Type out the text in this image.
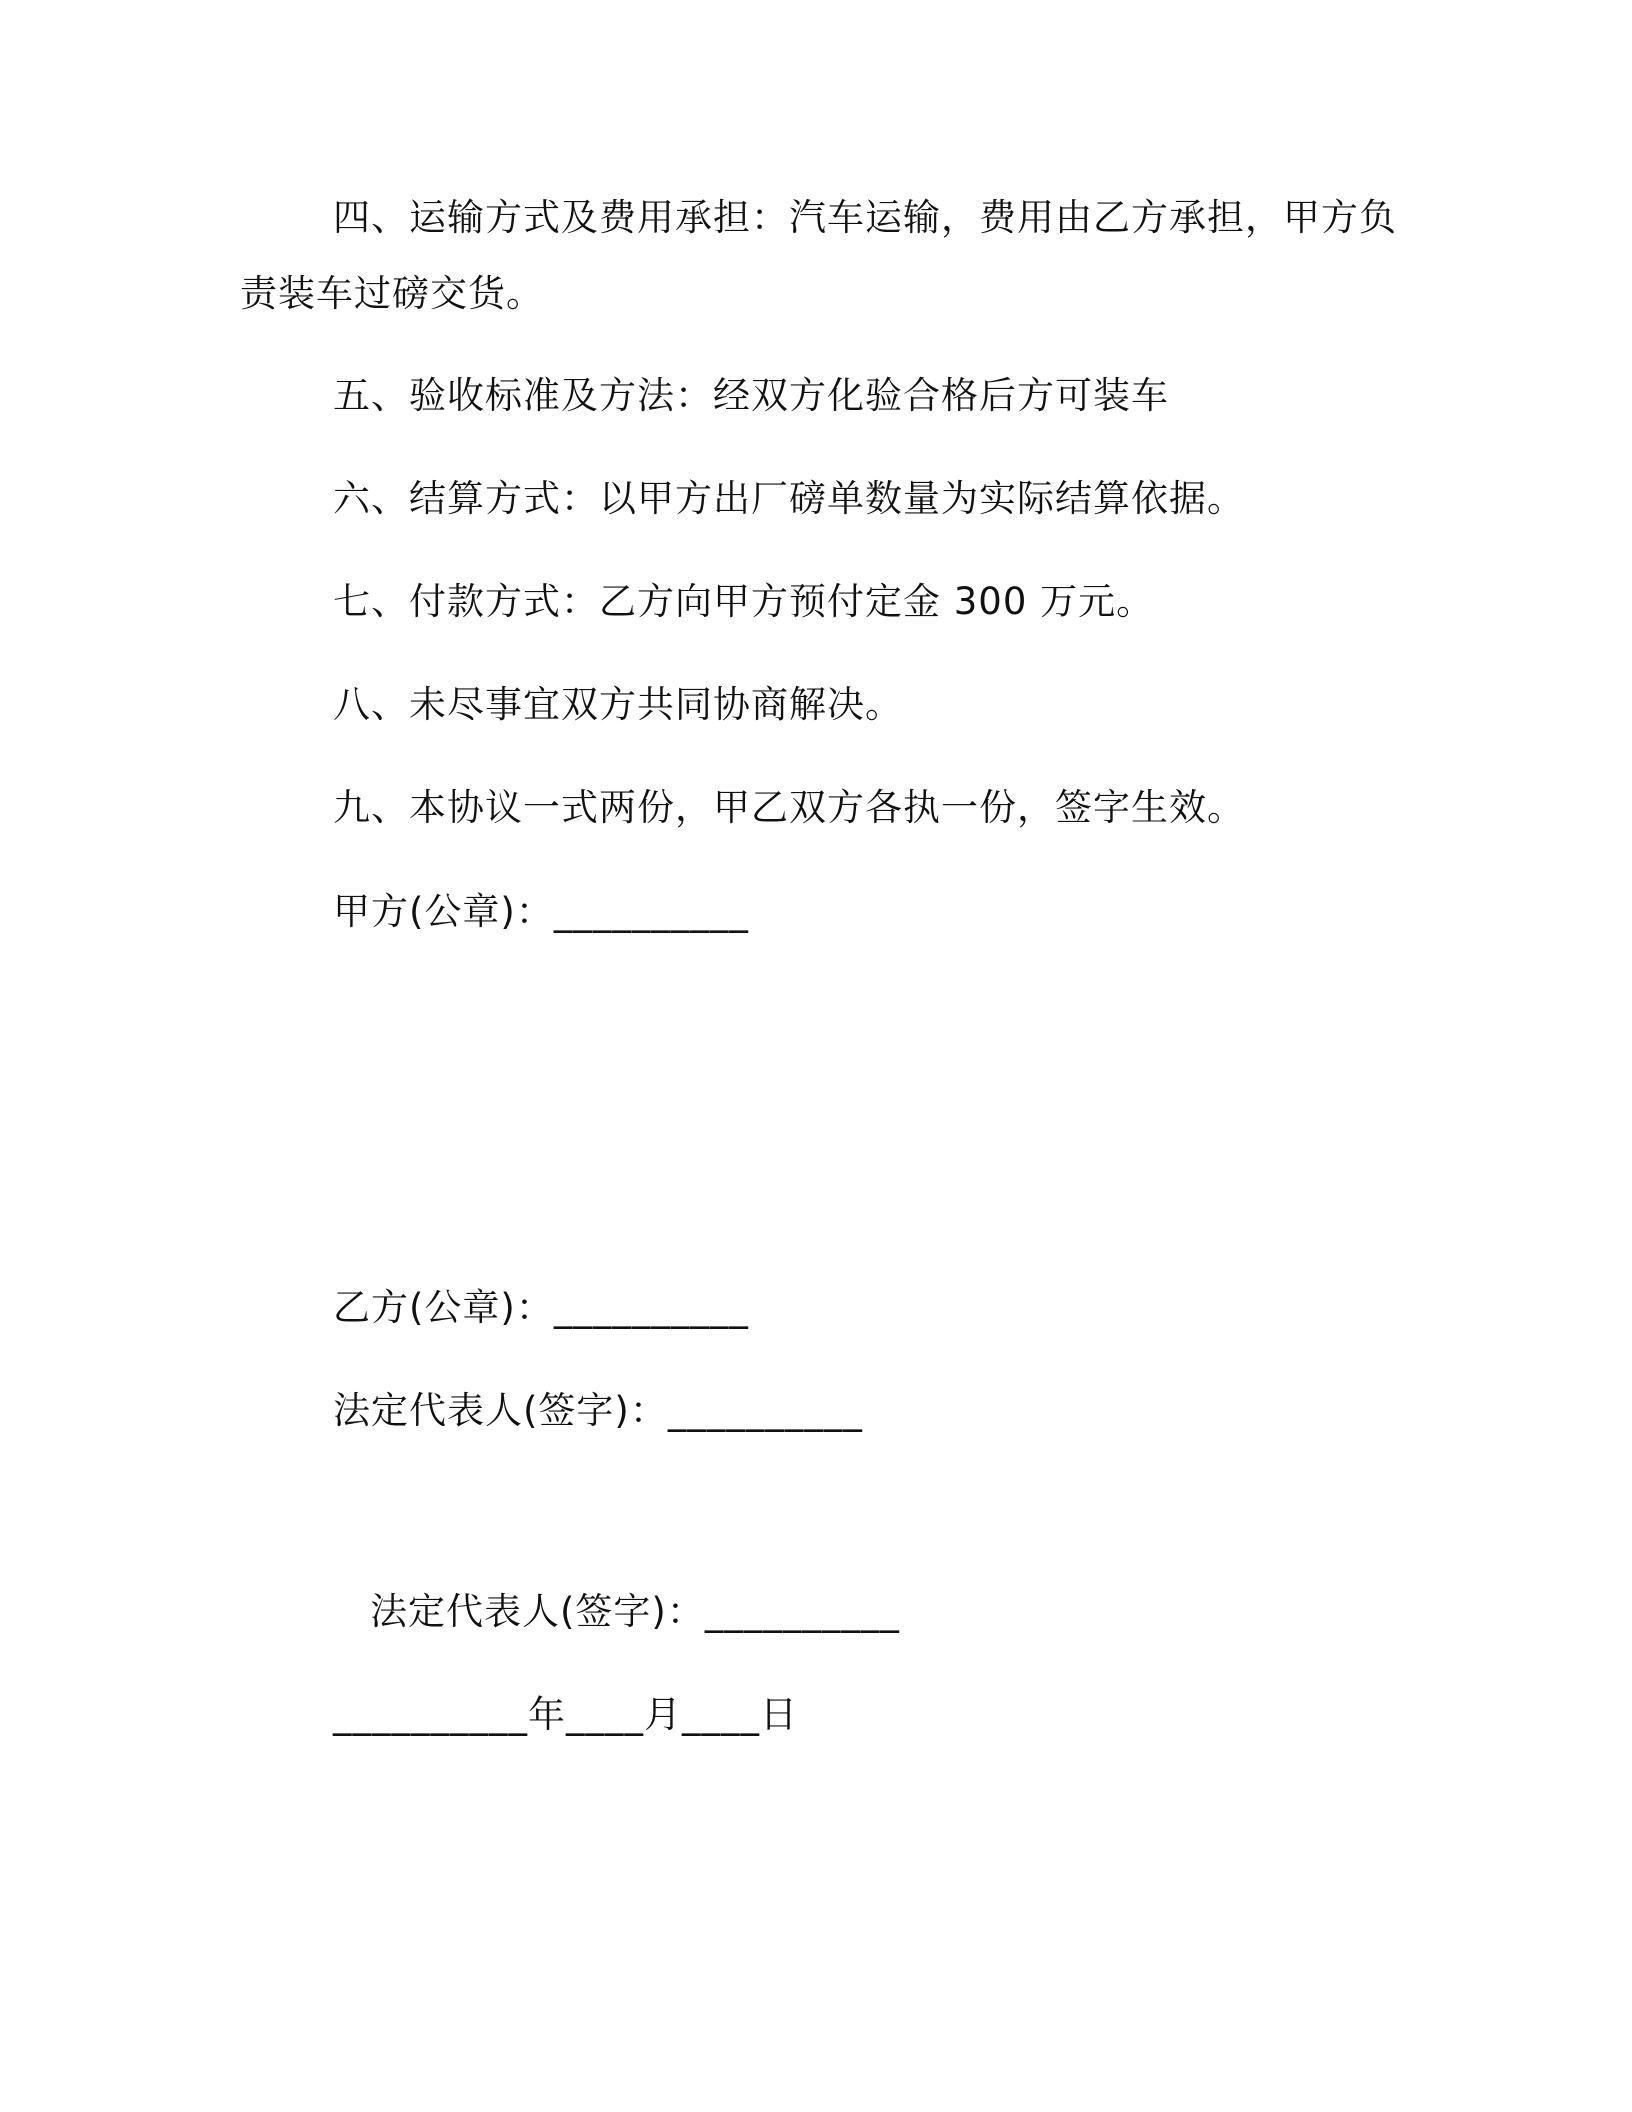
四、运输方式及费用承担：汽车运输，费用由乙方承担，甲方负
责装车过磅交货。
五、验收标准及方法：经双方化验合格后方可装车
六、结算方式：以甲方出厂磅单数量为实际结算依据。
七、付款方式：乙方向甲方预付定金 300 万元。
八、未尽事宜双方共同协商解决。
九、本协议一式两份，甲乙双方各执一份，签字生效。
甲方(公章)：__________
乙方(公章)：__________
法定代表人(签字)：__________
法定代表人(签字)：__________
__________年____月____日
